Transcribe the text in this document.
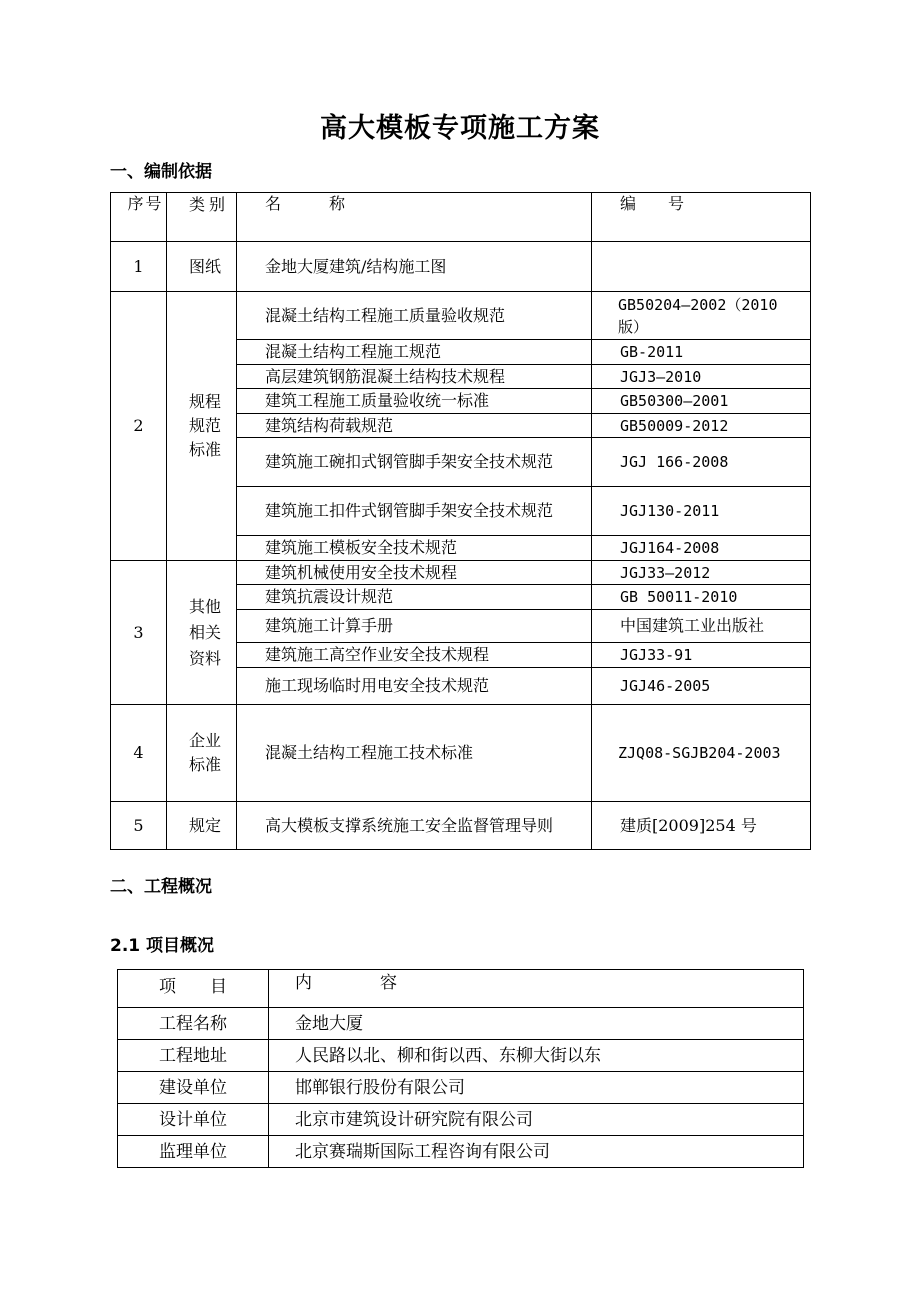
高大模板专项施工方案
一、编制依据
序号	类别	名　　　称	编　　号
1	图纸	金地大厦建筑/结构施工图	
2	规程规范标准	混凝土结构工程施工质量验收规范	GB50204—2002（2010版）

		混凝土结构工程施工规范	GB-2011
		高层建筑钢筋混凝土结构技术规程	JGJ3—2010
		建筑工程施工质量验收统一标准	GB50300—2001
		建筑结构荷载规范	GB50009-2012

		建筑施工碗扣式钢管脚手架安全技术规范	JGJ 166-2008

		建筑施工扣件式钢管脚手架安全技术规范	JGJ130-2011
		建筑施工模板安全技术规范	JGJ164-2008
3	其他相关资料	建筑机械使用安全技术规程	JGJ33—2012
		建筑抗震设计规范	GB 50011-2010
		建筑施工计算手册	中国建筑工业出版社
		建筑施工高空作业安全技术规程	JGJ33-91
		施工现场临时用电安全技术规范	JGJ46-2005
4	企业标准	混凝土结构工程施工技术标准	ZJQ08-SGJB204-2003
5	规定	高大模板支撑系统施工安全监督管理导则	建质[2009]254 号
二、工程概况
2.1 项目概况
项　　目	内　　　　容
工程名称	金地大厦
工程地址	人民路以北、柳和街以西、东柳大街以东
建设单位	邯郸银行股份有限公司
设计单位	北京市建筑设计研究院有限公司
监理单位	北京赛瑞斯国际工程咨询有限公司
